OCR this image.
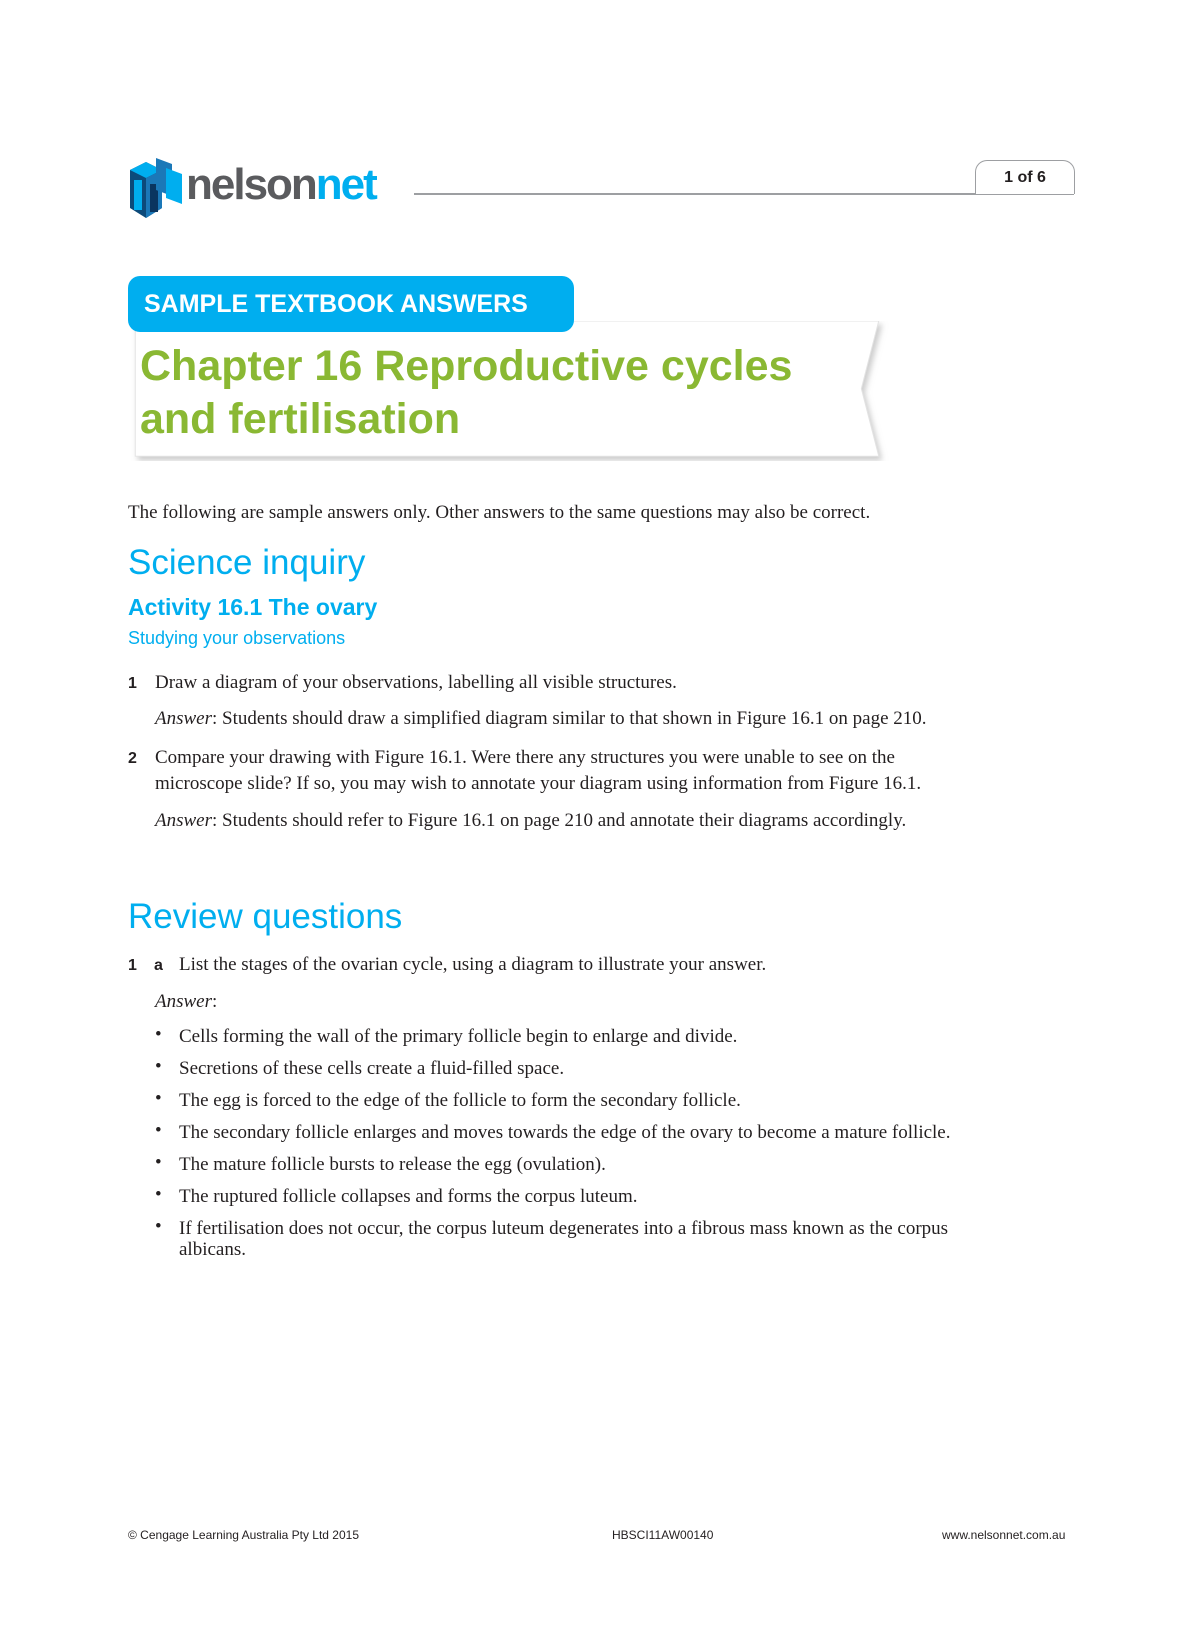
nelsonnet	1 of 6
SAMPLE TEXTBOOK ANSWERS
Chapter 16 Reproductive cycles
and fertilisation
The following are sample answers only. Other answers to the same questions may also be correct.
Science inquiry
Activity 16.1 The ovary
Studying your observations
1 Draw a diagram of your observations, labelling all visible structures.
Answer: Students should draw a simplified diagram similar to that shown in Figure 16.1 on page 210.
2 Compare your drawing with Figure 16.1. Were there any structures you were unable to see on the
microscope slide? If so, you may wish to annotate your diagram using information from Figure 16.1.
Answer: Students should refer to Figure 16.1 on page 210 and annotate their diagrams accordingly.
Review questions
1 a List the stages of the ovarian cycle, using a diagram to illustrate your answer.
Answer:
• Cells forming the wall of the primary follicle begin to enlarge and divide.
• Secretions of these cells create a fluid-filled space.
• The egg is forced to the edge of the follicle to form the secondary follicle.
• The secondary follicle enlarges and moves towards the edge of the ovary to become a mature follicle.
• The mature follicle bursts to release the egg (ovulation).
• The ruptured follicle collapses and forms the corpus luteum.
• If fertilisation does not occur, the corpus luteum degenerates into a fibrous mass known as the corpus
albicans.
© Cengage Learning Australia Pty Ltd 2015	HBSCI11AW00140	www.nelsonnet.com.au
